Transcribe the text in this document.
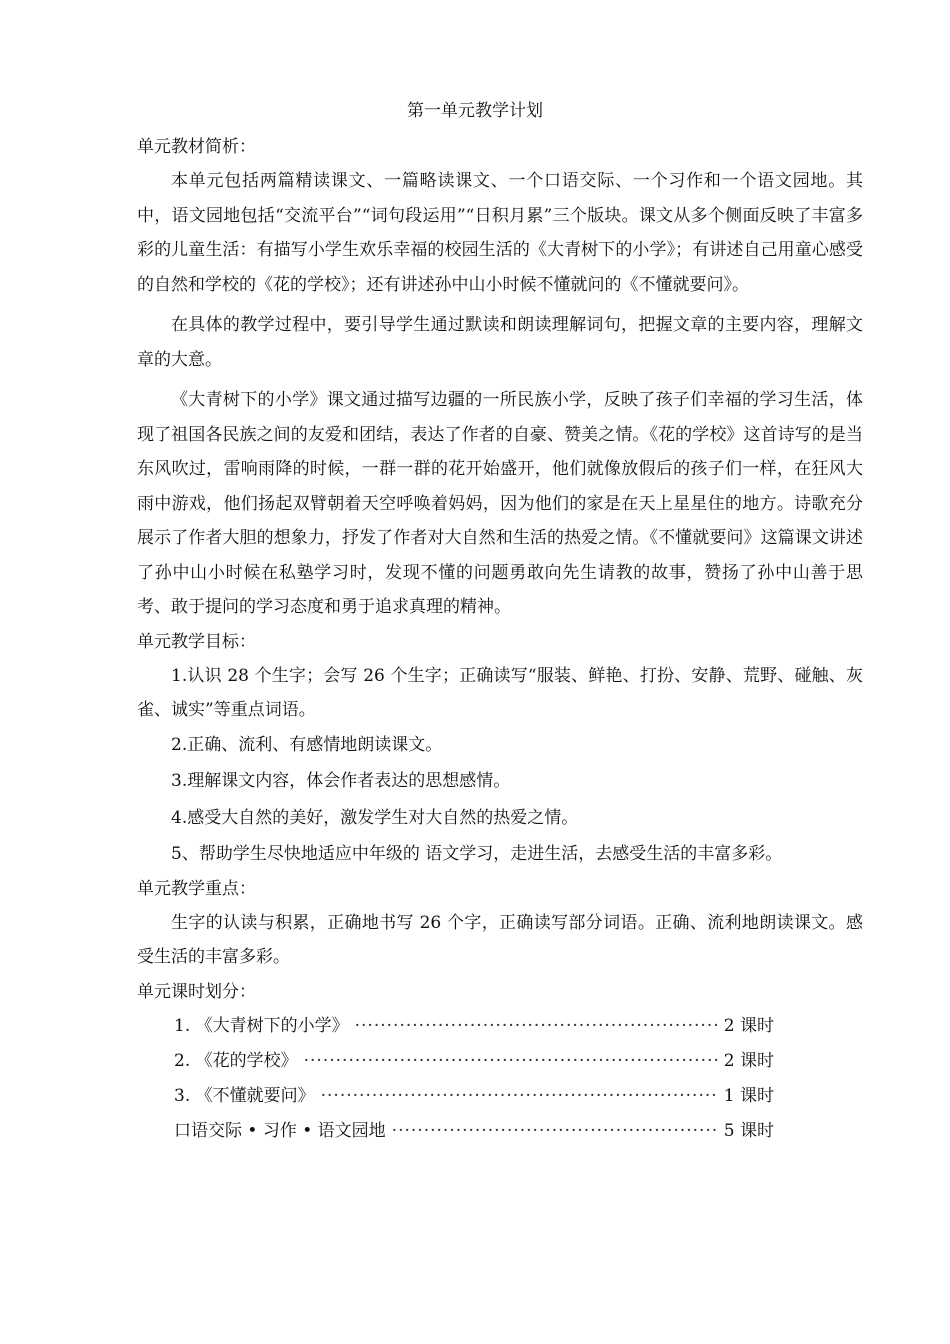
第一单元教学计划
单元教材简析：

本单元包括两篇精读课文、一篇略读课文、一个口语交际、一个习作和一个语文园地。其中，语文园地包括“交流平台”“词句段运用”“日积月累”三个版块。课文从多个侧面反映了丰富多彩的儿童生活：有描写小学生欢乐幸福的校园生活的《大青树下的小学》；有讲述自己用童心感受的自然和学校的《花的学校》；还有讲述孙中山小时候不懂就问的《不懂就要问》。

在具体的教学过程中，要引导学生通过默读和朗读理解词句，把握文章的主要内容，理解文章的大意。

《大青树下的小学》课文通过描写边疆的一所民族小学，反映了孩子们幸福的学习生活，体现了祖国各民族之间的友爱和团结，表达了作者的自豪、赞美之情。《花的学校》这首诗写的是当东风吹过，雷响雨降的时候，一群一群的花开始盛开，他们就像放假后的孩子们一样，在狂风大雨中游戏，他们扬起双臂朝着天空呼唤着妈妈，因为他们的家是在天上星星住的地方。诗歌充分展示了作者大胆的想象力，抒发了作者对大自然和生活的热爱之情。《不懂就要问》这篇课文讲述了孙中山小时候在私塾学习时，发现不懂的问题勇敢向先生请教的故事，赞扬了孙中山善于思考、敢于提问的学习态度和勇于追求真理的精神。

单元教学目标：

1.认识 28 个生字；会写 26 个生字；正确读写“服装、鲜艳、打扮、安静、荒野、碰触、灰雀、诚实”等重点词语。

2.正确、流利、有感情地朗读课文。

3.理解课文内容，体会作者表达的思想感情。

4.感受大自然的美好，激发学生对大自然的热爱之情。

5、帮助学生尽快地适应中年级的 语文学习，走进生活，去感受生活的丰富多彩。

单元教学重点：

生字的认读与积累，正确地书写 26 个字，正确读写部分词语。正确、流利地朗读课文。感受生活的丰富多彩。

单元课时划分：
1. 《大青树下的小学》 ·····	2 课时
2. 《花的学校》 ·····	2 课时
3. 《不懂就要问》 ·····	1 课时
口语交际 • 习作 • 语文园地 ·····	5 课时
